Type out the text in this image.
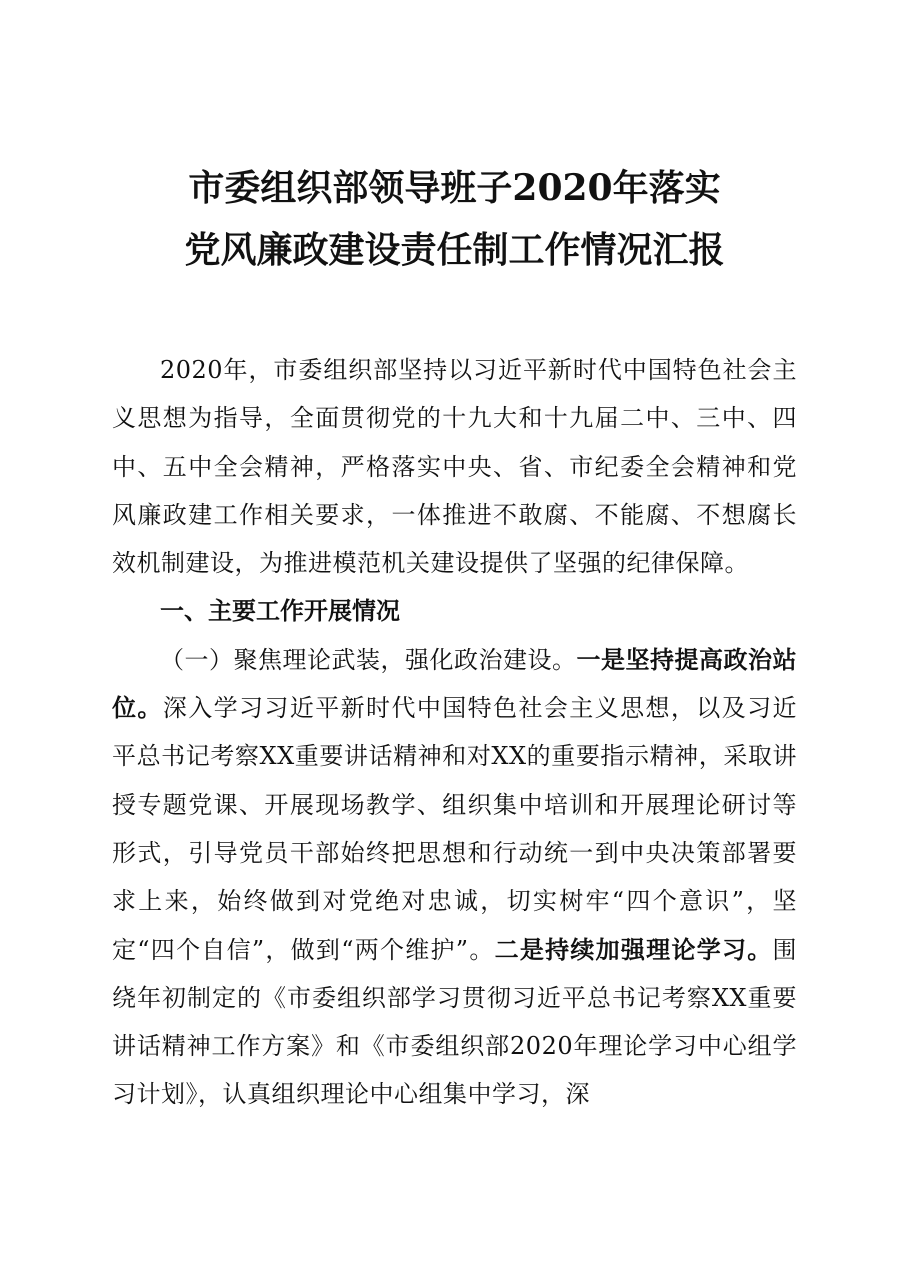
市委组织部领导班子2020年落实
党风廉政建设责任制工作情况汇报

2020年，市委组织部坚持以习近平新时代中国特色社会主义思想为指导，全面贯彻党的十九大和十九届二中、三中、四中、五中全会精神，严格落实中央、省、市纪委全会精神和党风廉政建工作相关要求，一体推进不敢腐、不能腐、不想腐长效机制建设，为推进模范机关建设提供了坚强的纪律保障。

一、主要工作开展情况

（一）聚焦理论武装，强化政治建设。一是坚持提高政治站位。深入学习习近平新时代中国特色社会主义思想，以及习近平总书记考察XX重要讲话精神和对XX的重要指示精神，采取讲授专题党课、开展现场教学、组织集中培训和开展理论研讨等形式，引导党员干部始终把思想和行动统一到中央决策部署要求上来，始终做到对党绝对忠诚，切实树牢“四个意识”，坚定“四个自信”，做到“两个维护”。二是持续加强理论学习。围绕年初制定的《市委组织部学习贯彻习近平总书记考察XX重要讲话精神工作方案》和《市委组织部2020年理论学习中心组学习计划》，认真组织理论中心组集中学习，深
